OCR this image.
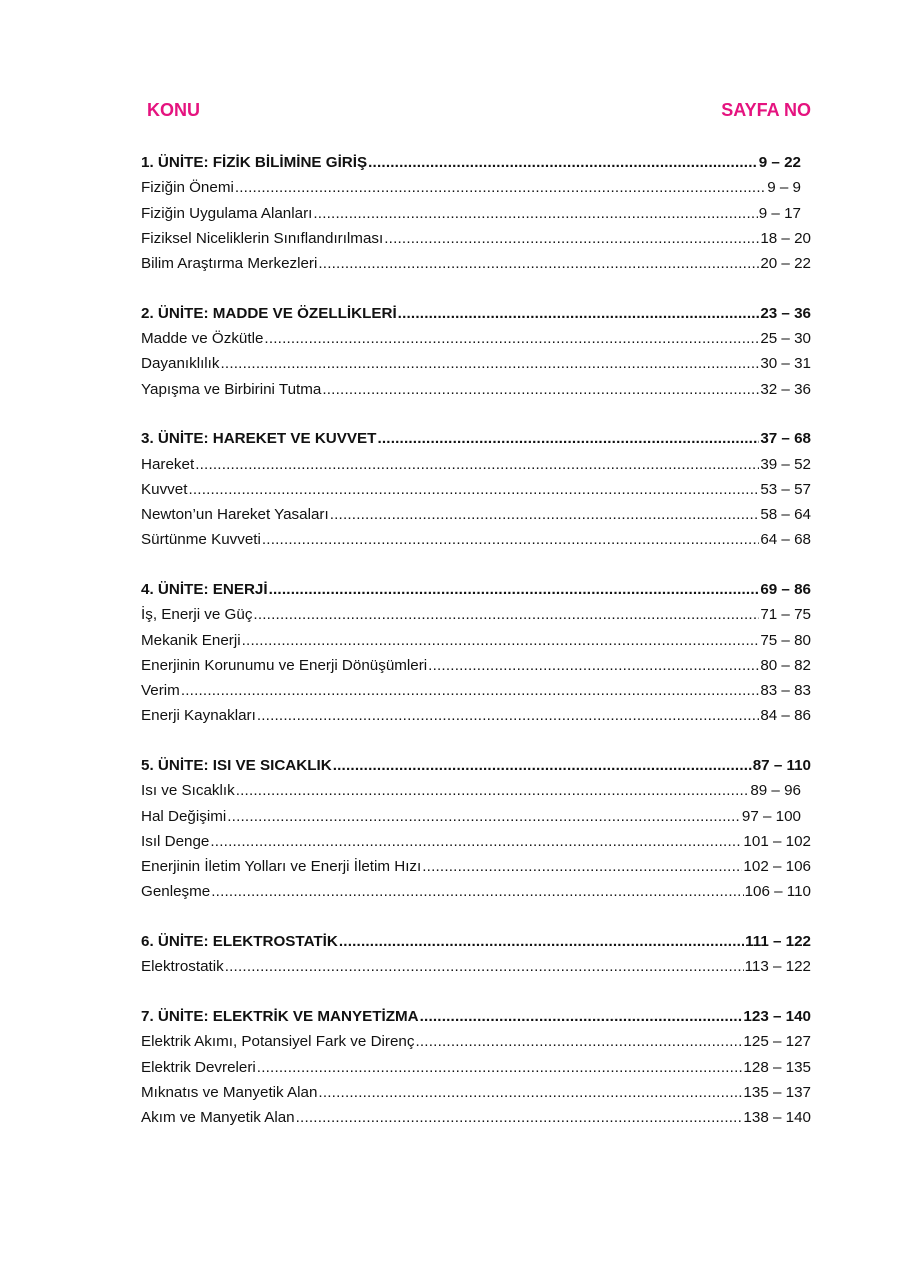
KONU	SAYFA NO
1. ÜNİTE: FİZİK BİLİMİNE GİRİŞ .....	9 – 22
Fiziğin Önemi .....	9 – 9
Fiziğin Uygulama Alanları .....	9 – 17
Fiziksel Niceliklerin Sınıflandırılması .....	18 – 20
Bilim Araştırma Merkezleri .....	20 – 22
2. ÜNİTE: MADDE VE ÖZELLİKLERİ .....	23 – 36
Madde ve Özkütle .....	25 – 30
Dayanıklılık .....	30 – 31
Yapışma ve Birbirini Tutma .....	32 – 36
3. ÜNİTE: HAREKET VE KUVVET .....	37 – 68
Hareket .....	39 – 52
Kuvvet .....	53 – 57
Newton’un Hareket Yasaları .....	58 – 64
Sürtünme Kuvveti .....	64 – 68
4. ÜNİTE: ENERJİ .....	69 – 86
İş, Enerji ve Güç .....	71 – 75
Mekanik Enerji .....	75 – 80
Enerjinin Korunumu ve Enerji Dönüşümleri .....	80 – 82
Verim .....	83 – 83
Enerji Kaynakları .....	84 – 86
5. ÜNİTE: ISI VE SICAKLIK .....	87 – 110
Isı ve Sıcaklık .....	89 – 96
Hal Değişimi .....	97 – 100
Isıl Denge .....	101 – 102
Enerjinin İletim Yolları ve Enerji İletim Hızı .....	102 – 106
Genleşme .....	106 – 110
6. ÜNİTE: ELEKTROSTATİK .....	111 – 122
Elektrostatik .....	113 – 122
7. ÜNİTE: ELEKTRİK VE MANYETİZMA .....	123 – 140
Elektrik Akımı, Potansiyel Fark ve Direnç .....	125 – 127
Elektrik Devreleri .....	128 – 135
Mıknatıs ve Manyetik Alan .....	135 – 137
Akım ve Manyetik Alan .....	138 – 140
